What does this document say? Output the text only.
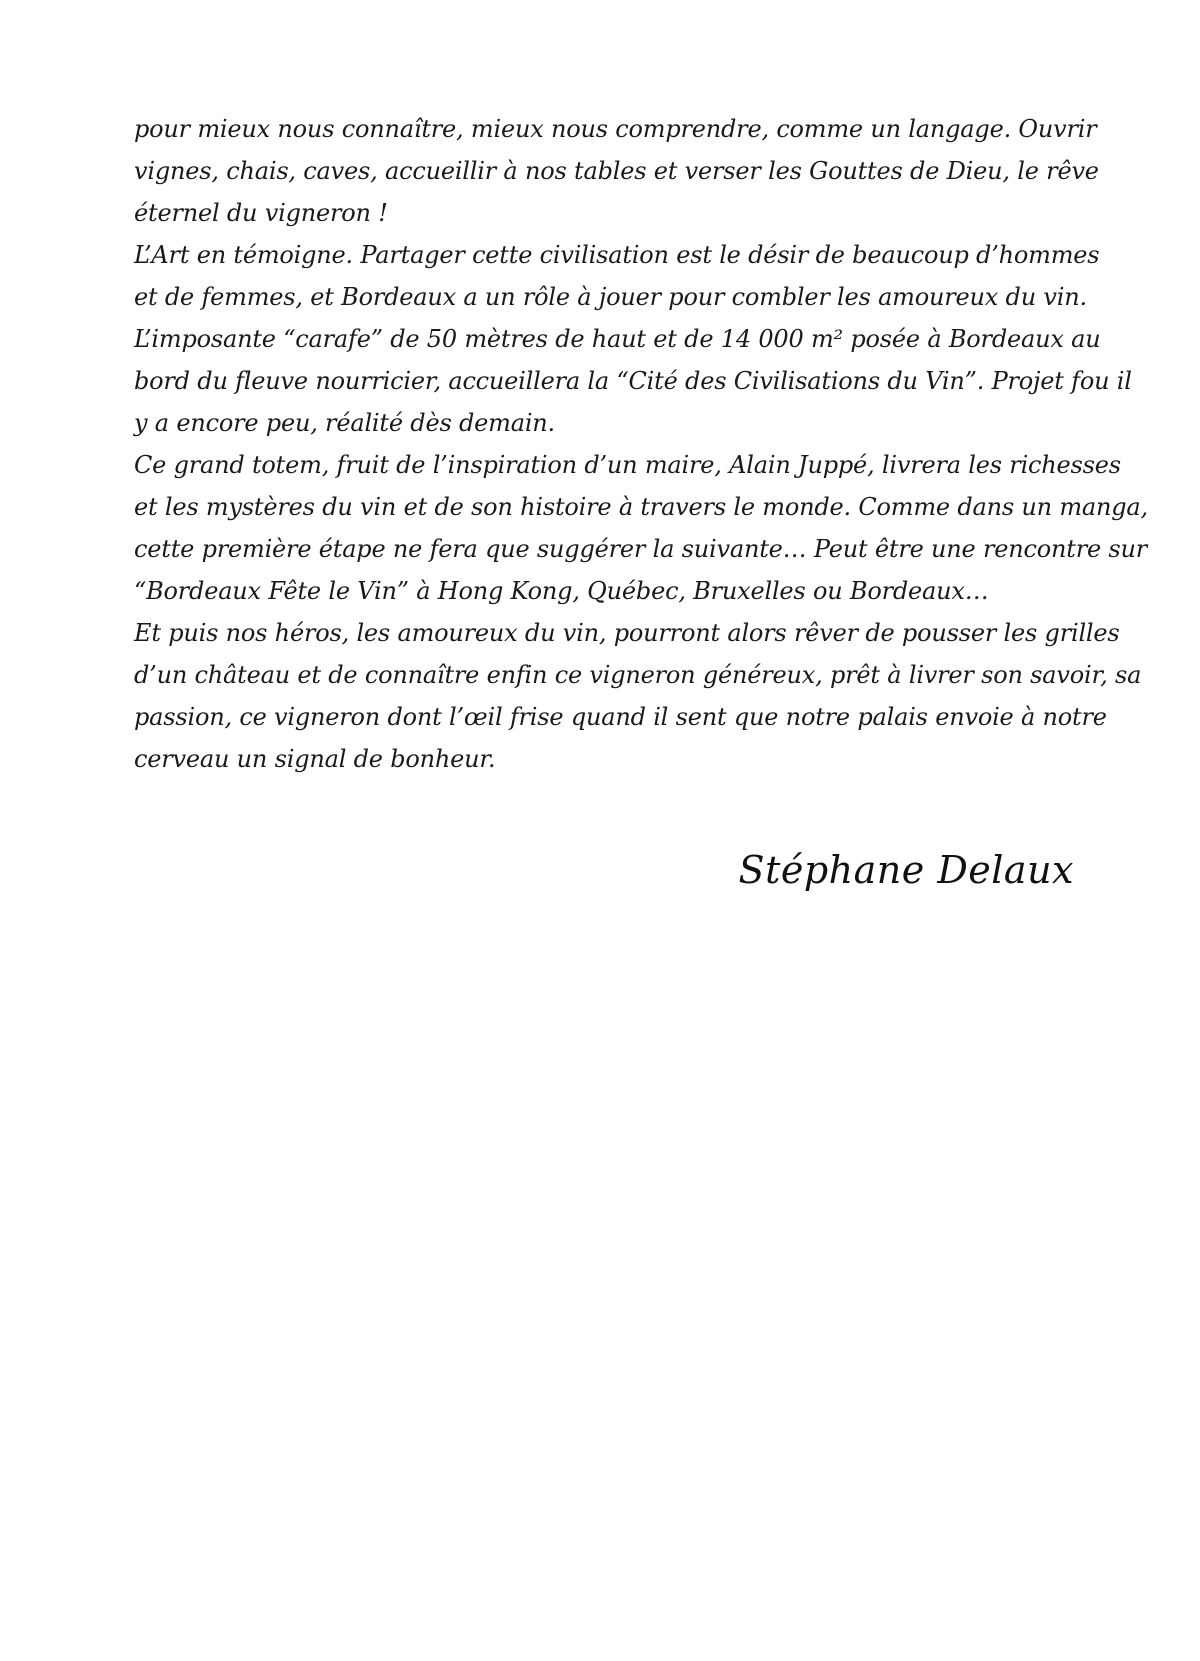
pour mieux nous connaître, mieux nous comprendre, comme un langage. Ouvrir
vignes, chais, caves, accueillir à nos tables et verser les Gouttes de Dieu, le rêve
éternel du vigneron !
L’Art en témoigne. Partager cette civilisation est le désir de beaucoup d’hommes
et de femmes, et Bordeaux a un rôle à jouer pour combler les amoureux du vin.
L’imposante “carafe” de 50 mètres de haut et de 14 000 m² posée à Bordeaux au
bord du fleuve nourricier, accueillera la “Cité des Civilisations du Vin”. Projet fou il
y a encore peu, réalité dès demain.
Ce grand totem, fruit de l’inspiration d’un maire, Alain Juppé, livrera les richesses
et les mystères du vin et de son histoire à travers le monde. Comme dans un manga,
cette première étape ne fera que suggérer la suivante… Peut être une rencontre sur
“Bordeaux Fête le Vin” à Hong Kong, Québec, Bruxelles ou Bordeaux…
Et puis nos héros, les amoureux du vin, pourront alors rêver de pousser les grilles
d’un château et de connaître enfin ce vigneron généreux, prêt à livrer son savoir, sa
passion, ce vigneron dont l’œil frise quand il sent que notre palais envoie à notre
cerveau un signal de bonheur.
Stéphane Delaux
